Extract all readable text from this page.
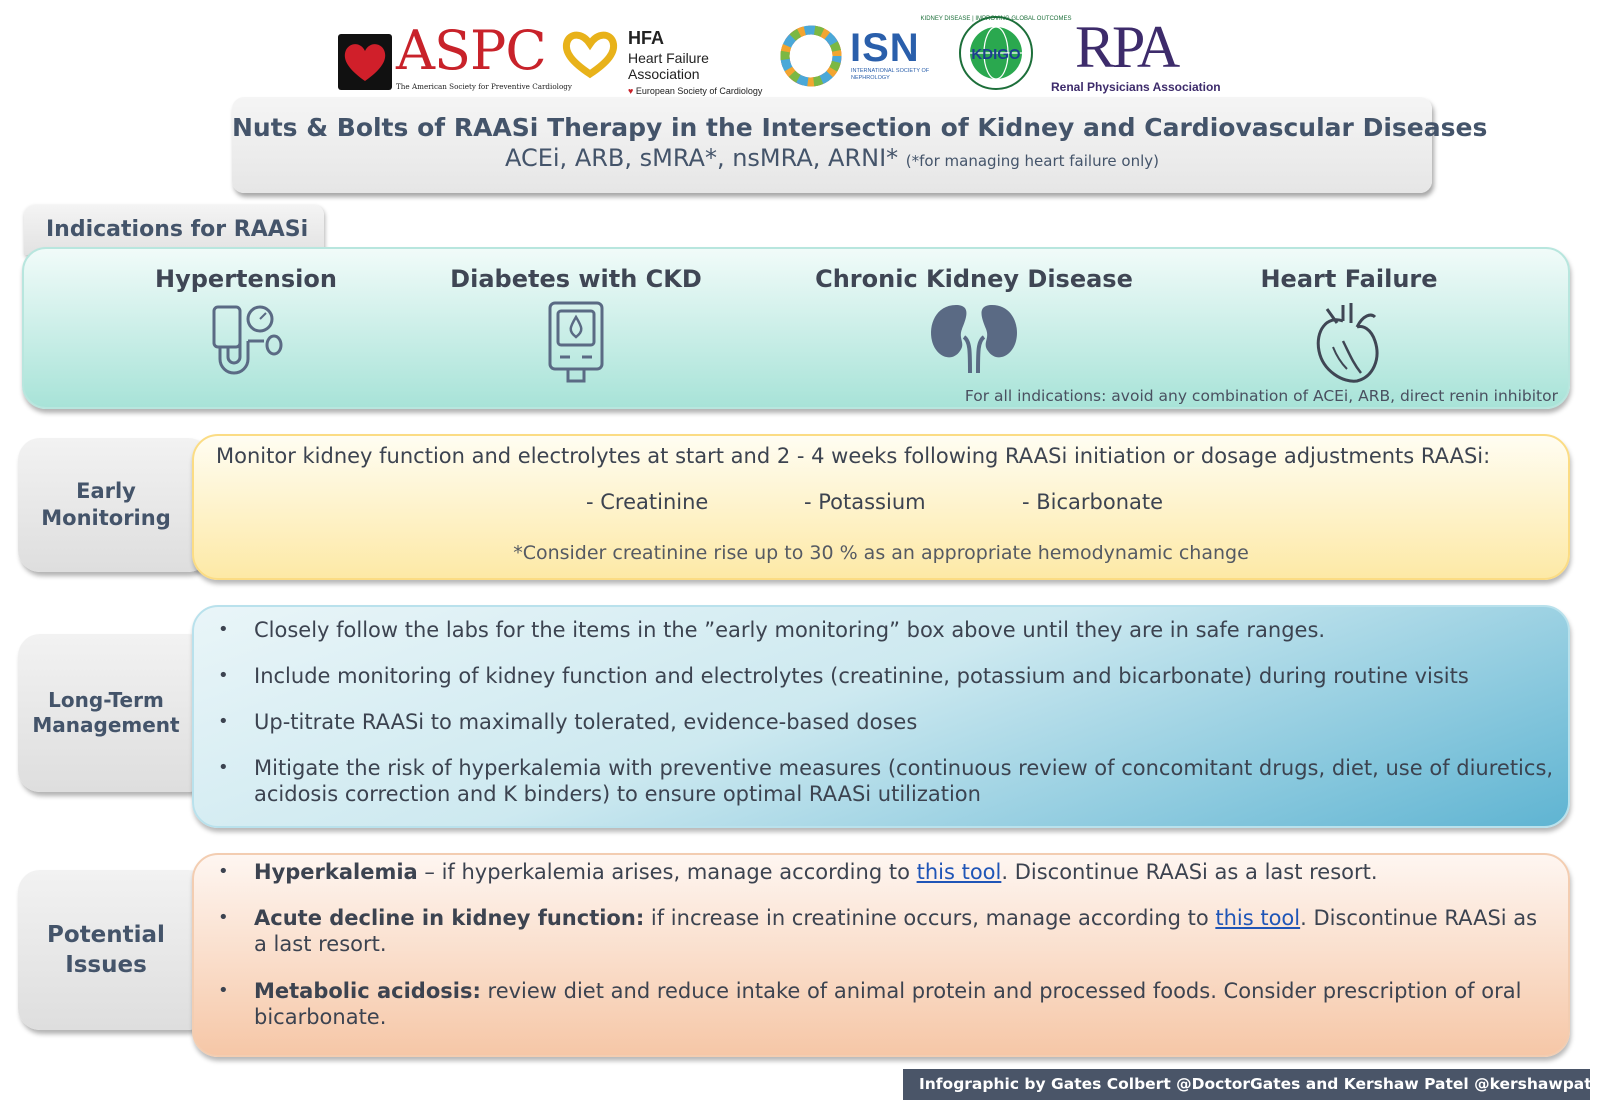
ASPC
The American Society for Preventive Cardiology
HFA
Heart Failure
Association
♥ European Society of Cardiology
ISN
INTERNATIONAL SOCIETY OF NEPHROLOGY
KDIGO
KIDNEY DISEASE | IMPROVING GLOBAL OUTCOMES RPA
Renal Physicians Association
Nuts & Bolts of RAASi Therapy in the Intersection of Kidney and Cardiovascular Diseases
ACEi, ARB, sMRA*, nsMRA, ARNI* (*for managing heart failure only)
Indications for RAASi
Hypertension	Diabetes with CKD	Chronic Kidney Disease	Heart Failure
For all indications: avoid any combination of ACEi, ARB, direct renin inhibitor
Early
Monitoring
Monitor kidney function and electrolytes at start and 2 - 4 weeks following RAASi initiation or dosage adjustments RAASi:
- Creatinine	- Potassium	- Bicarbonate
*Consider creatinine rise up to 30 % as an appropriate hemodynamic change
Long-Term
Management
• Closely follow the labs for the items in the ”early monitoring” box above until they are in safe ranges.
• Include monitoring of kidney function and electrolytes (creatinine, potassium and bicarbonate) during routine visits
• Up-titrate RAASi to maximally tolerated, evidence-based doses
• Mitigate the risk of hyperkalemia with preventive measures (continuous review of concomitant drugs, diet, use of diuretics, acidosis correction and K binders) to ensure optimal RAASi utilization
Potential
Issues
• Hyperkalemia – if hyperkalemia arises, manage according to this tool. Discontinue RAASi as a last resort.
• Acute decline in kidney function: if increase in creatinine occurs, manage according to this tool. Discontinue RAASi as a last resort.
• Metabolic acidosis: review diet and reduce intake of animal protein and processed foods. Consider prescription of oral bicarbonate.
Infographic by Gates Colbert @DoctorGates and Kershaw Patel @kershawpatel
